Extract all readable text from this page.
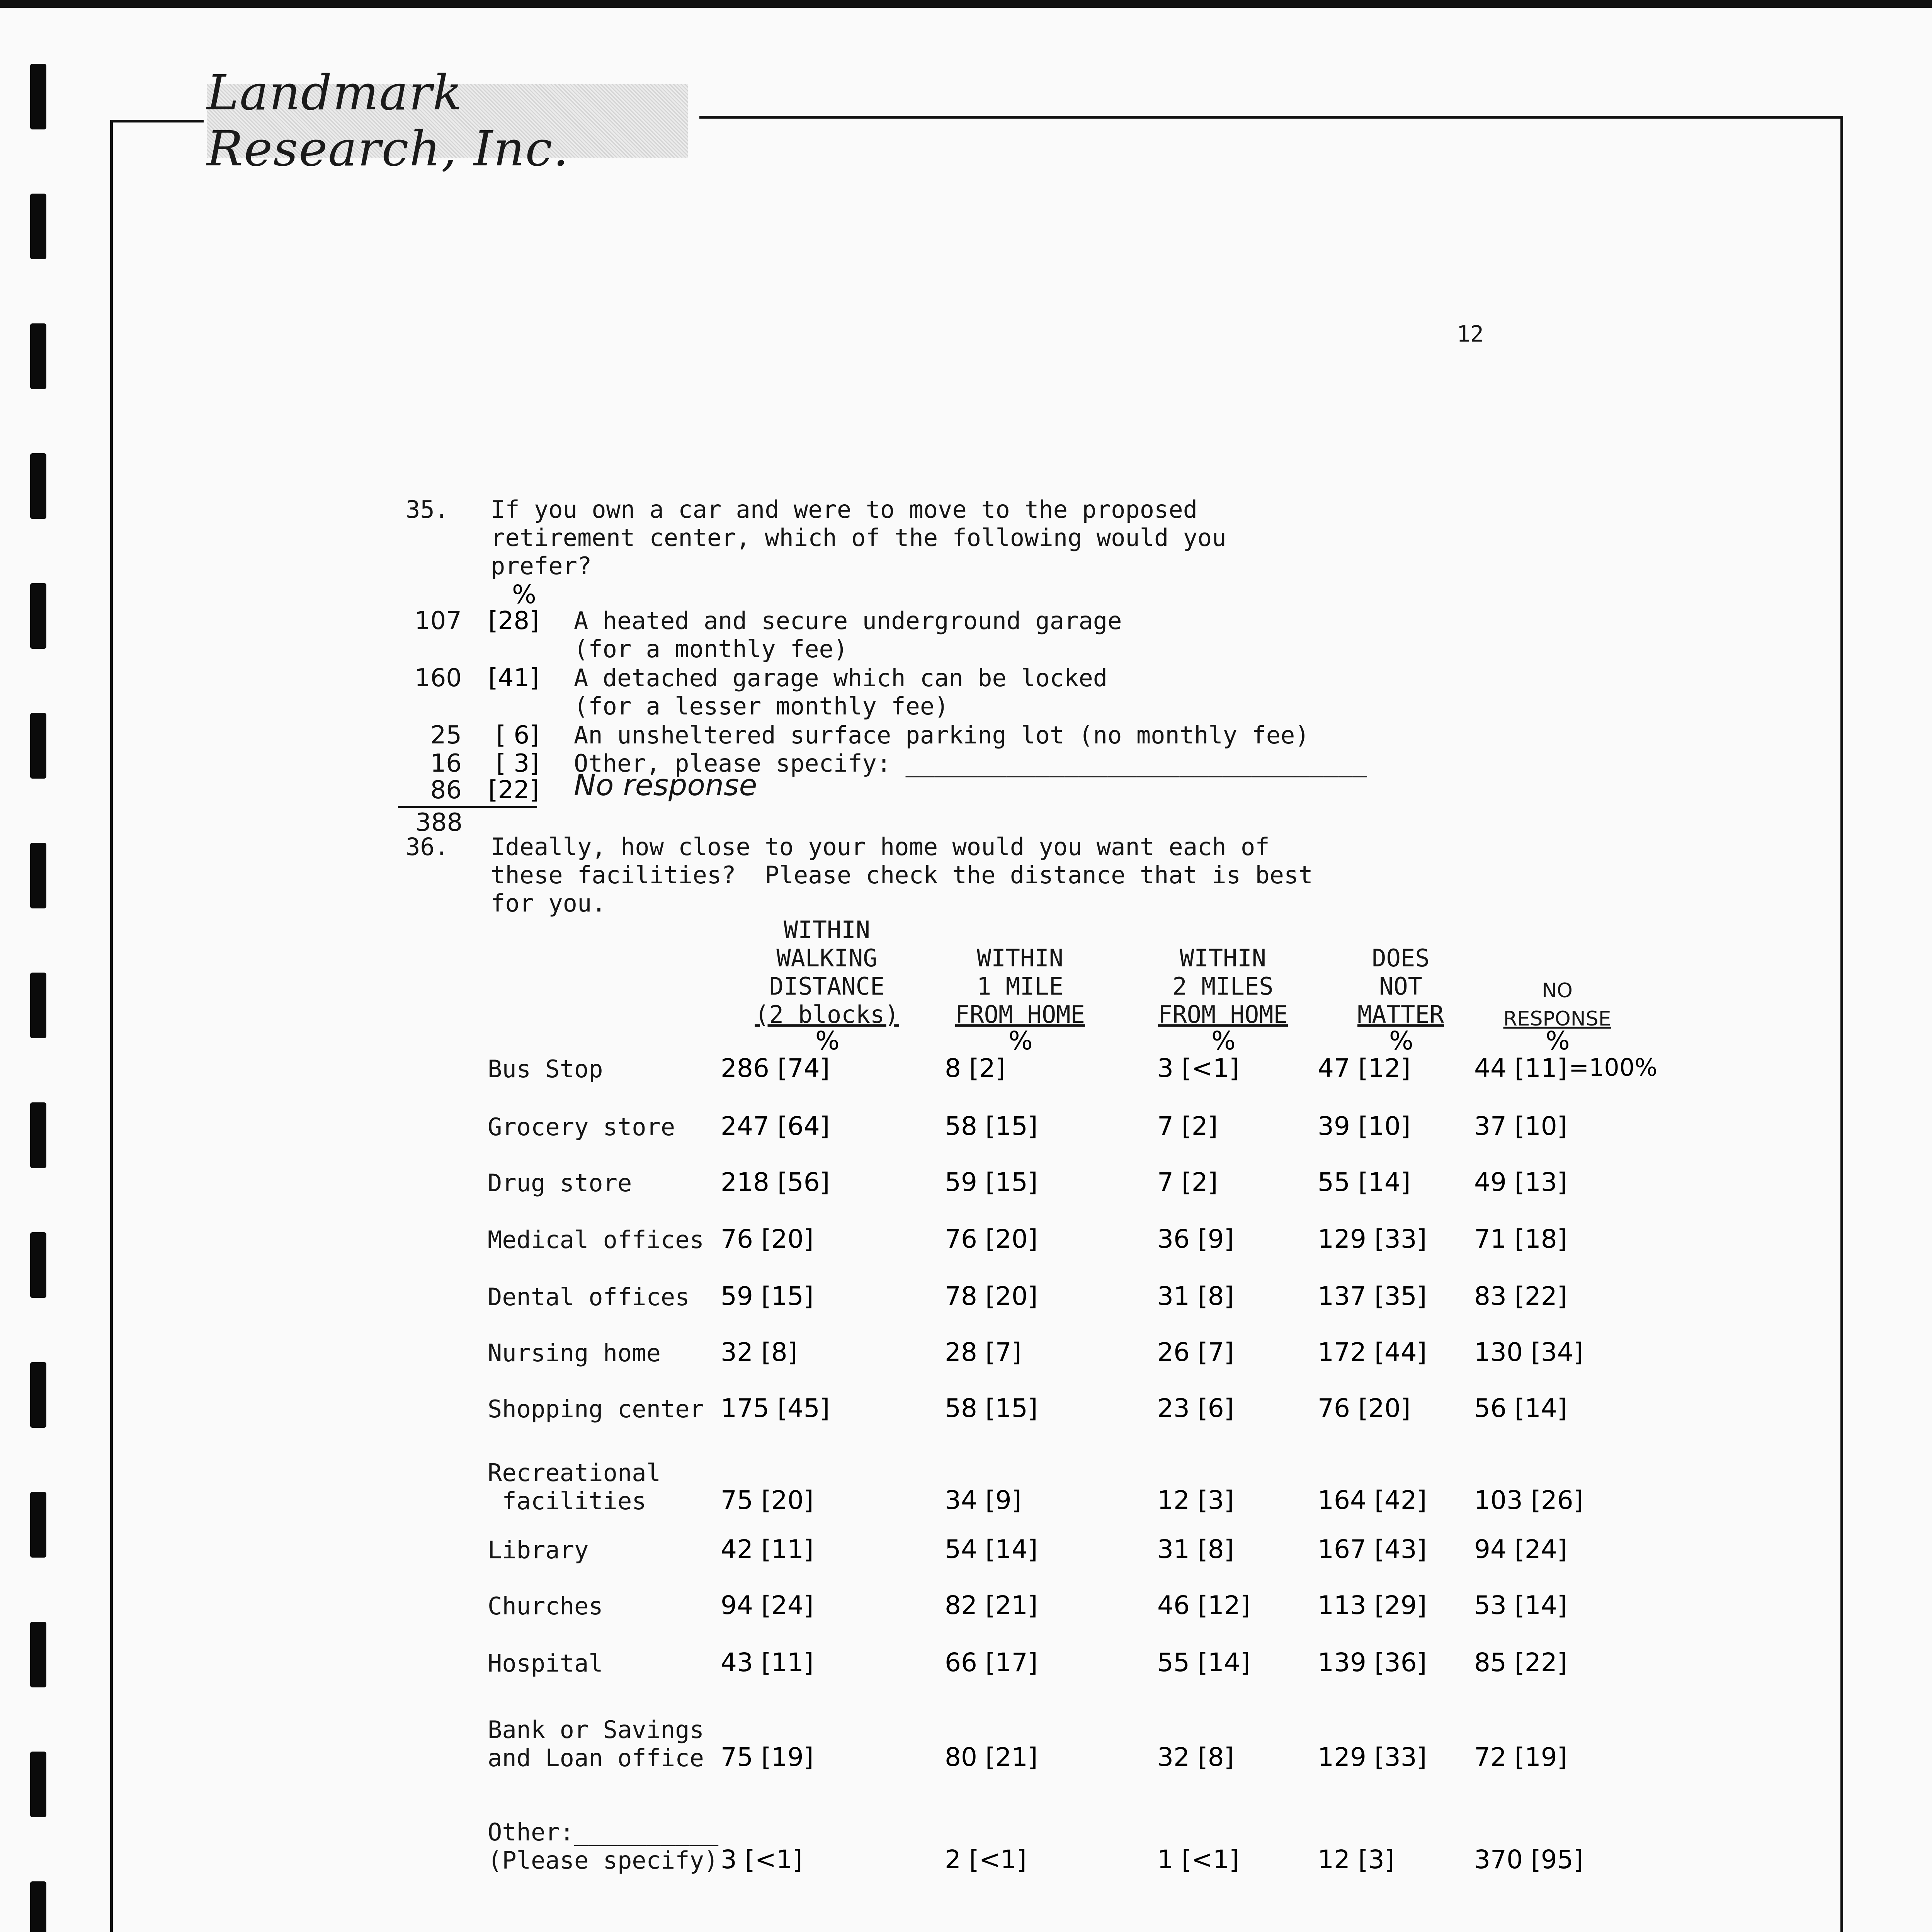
Landmark Research, Inc.
12
35. If you own a car and were to move to the proposed
retirement center, which of the following would you
prefer?
%
107 [28] A heated and secure underground garage
(for a monthly fee)
160 [41] A detached garage which can be locked
(for a lesser monthly fee)
25 [ 6] An unsheltered surface parking lot (no monthly fee)
16 [ 3] Other, please specify: ________________________________
86 [22] No response
388
36. Ideally, how close to your home would you want each of
these facilities?  Please check the distance that is best
for you.
WITHIN
WALKING
DISTANCE
(2 blocks)
%
WITHIN
1 MILE
FROM HOME
%
WITHIN
2 MILES
FROM HOME
%
DOES
NOT
MATTER
%
NO
RESPONSE
%
Bus Stop	286 [74]	8 [2]	3 [<1]	47 [12] 44 [11] =100%
Grocery store 247 [64]	58 [15]	7 [2]	39 [10] 37 [10]
Drug store	218 [56]	59 [15]	7 [2]	55 [14] 49 [13]
Medical offices 76 [20]	76 [20]	36 [9]	129 [33] 71 [18]
Dental offices 59 [15]	78 [20]	31 [8]	137 [35] 83 [22]
Nursing home 32 [8]	28 [7]	26 [7]	172 [44] 130 [34]
Shopping center 175 [45]	58 [15]	23 [6]	76 [20] 56 [14]
Recreational
facilities	75 [20]	34 [9]	12 [3]	164 [42] 103 [26]
Library	42 [11]	54 [14]	31 [8]	167 [43] 94 [24]
Churches	94 [24]	82 [21]	46 [12]	113 [29] 53 [14]
Hospital	43 [11]	66 [17]	55 [14]	139 [36] 85 [22]
Bank or Savings
and Loan office 75 [19]	80 [21]	32 [8]	129 [33] 72 [19]
Other:__________
(Please specify) 3 [<1]	2 [<1]	1 [<1]	12 [3]	370 [95]
